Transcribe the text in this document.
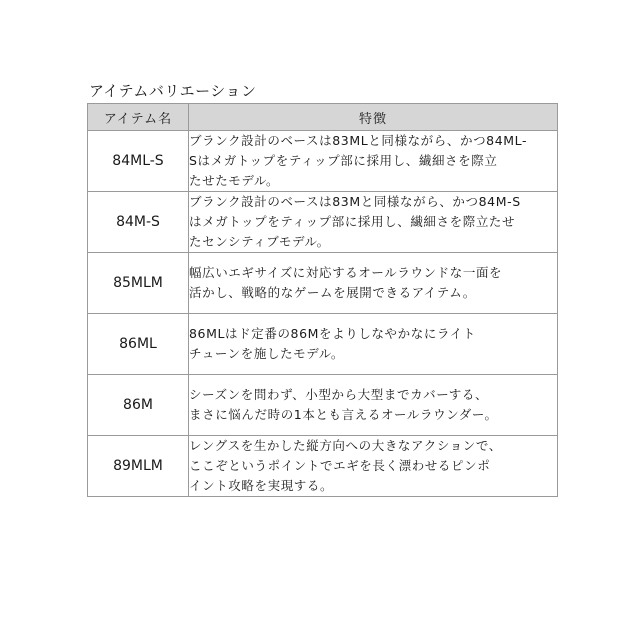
アイテムバリエーション
アイテム名	特徴
84ML-S	ブランク設計のベースは83MLと同様ながら、かつ84ML-
Sはメガトップをティップ部に採用し、繊細さを際立
たせたモデル。

84M-S	ブランク設計のベースは83Mと同様ながら、かつ84M-S
はメガトップをティップ部に採用し、繊細さを際立たせ
たセンシティブモデル。

85MLM	幅広いエギサイズに対応するオールラウンドな一面を
活かし、戦略的なゲームを展開できるアイテム。

86ML	86MLはド定番の86Mをよりしなやかなにライト
チューンを施したモデル。

86M	シーズンを問わず、小型から大型までカバーする、
まさに悩んだ時の1本とも言えるオールラウンダー。

89MLM	レングスを生かした縦方向への大きなアクションで、
ここぞというポイントでエギを長く漂わせるピンポ
イント攻略を実現する。
